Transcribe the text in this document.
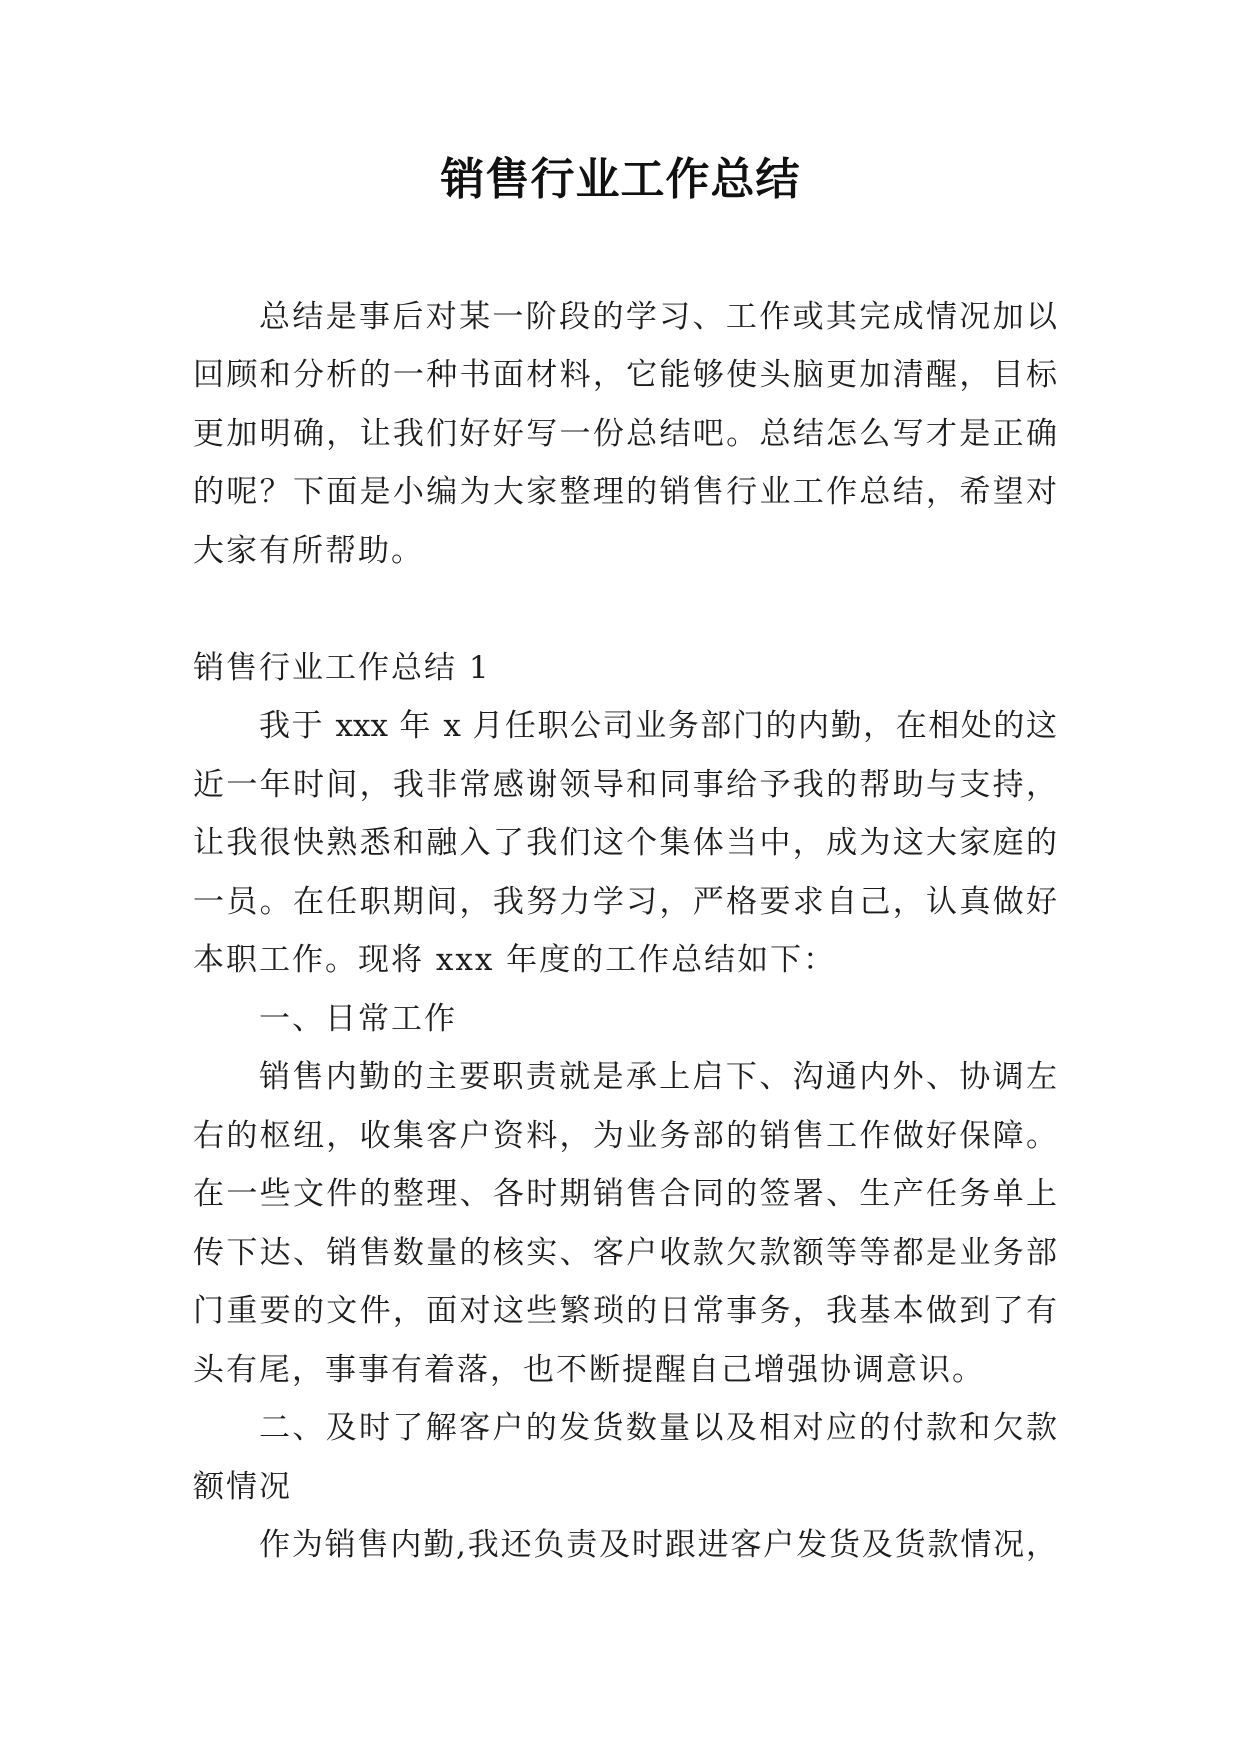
销售行业工作总结
总结是事后对某一阶段的学习、工作或其完成情况加以
回顾和分析的一种书面材料，它能够使头脑更加清醒，目标
更加明确，让我们好好写一份总结吧。总结怎么写才是正确
的呢？下面是小编为大家整理的销售行业工作总结，希望对
大家有所帮助。
销售行业工作总结 1
我于 xxx 年 x 月任职公司业务部门的内勤，在相处的这
近一年时间，我非常感谢领导和同事给予我的帮助与支持，
让我很快熟悉和融入了我们这个集体当中，成为这大家庭的
一员。在任职期间，我努力学习，严格要求自己，认真做好
本职工作。现将 xxx 年度的工作总结如下：
一、日常工作
销售内勤的主要职责就是承上启下、沟通内外、协调左
右的枢纽，收集客户资料，为业务部的销售工作做好保障。
在一些文件的整理、各时期销售合同的签署、生产任务单上
传下达、销售数量的核实、客户收款欠款额等等都是业务部
门重要的文件，面对这些繁琐的日常事务，我基本做到了有
头有尾，事事有着落，也不断提醒自己增强协调意识。
二、及时了解客户的发货数量以及相对应的付款和欠款
额情况
作为销售内勤,我还负责及时跟进客户发货及货款情况，
